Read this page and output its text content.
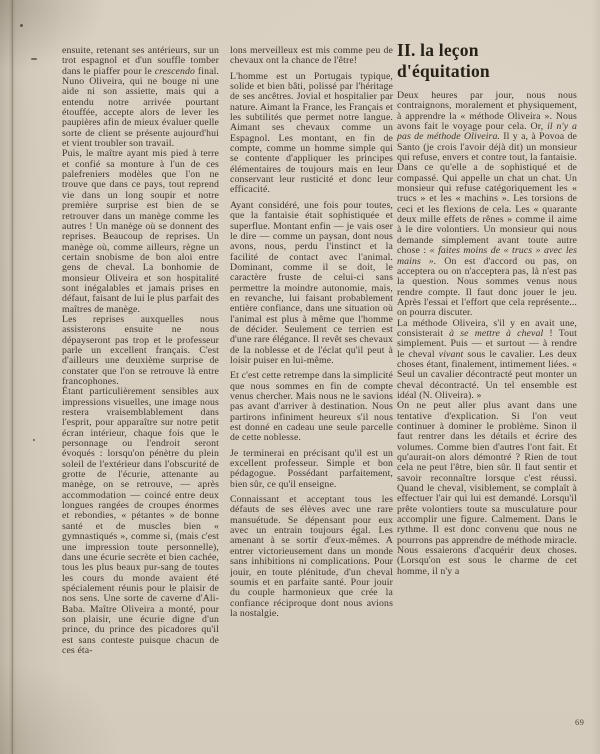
ensuite, retenant ses antérieurs, sur un trot espagnol et d'un souffle tomber dans le piaffer pour le crescendo final. Nuno Oliveira, qui ne bouge ni une aide ni son assiette, mais qui a entendu notre arrivée pourtant étouffée, accepte alors de lever les paupières afin de mieux évaluer quelle sorte de client se présente aujourd'hui et vient troubler son travail.

Puis, le maître ayant mis pied à terre et confié sa monture à l'un de ces palefreniers modèles que l'on ne trouve que dans ce pays, tout reprend vie dans un long soupir et notre première surprise est bien de se retrouver dans un manège comme les autres ! Un manège où se donnent des reprises. Beaucoup de reprises. Un manège où, comme ailleurs, règne un certain snobisme de bon aloi entre gens de cheval. La bonhomie de monsieur Oliveira et son hospitalité sont inégalables et jamais prises en défaut, faisant de lui le plus parfait des maîtres de manège.

Les reprises auxquelles nous assisterons ensuite ne nous dépayseront pas trop et le professeur parle un excellent français. C'est d'ailleurs une deuxième surprise de constater que l'on se retrouve là entre francophones.

Étant particulièrement sensibles aux impressions visuelles, une image nous restera vraisemblablement dans l'esprit, pour apparaître sur notre petit écran intérieur, chaque fois que le personnage ou l'endroit seront évoqués : lorsqu'on pénètre du plein soleil de l'extérieur dans l'obscurité de grotte de l'écurie, attenante au manège, on se retrouve, — après accommodation — coincé entre deux longues rangées de croupes énormes et rebondies, « pétantes » de bonne santé et de muscles bien « gymnastiqués », comme si, (mais c'est une impression toute personnelle), dans une écurie secrète et bien cachée, tous les plus beaux pur-sang de toutes les cours du monde avaient été spécialement réunis pour le plaisir de nos sens. Une sorte de caverne d'Ali-Baba. Maître Oliveira a monté, pour son plaisir, une écurie digne d'un prince, du prince des picadores qu'il est sans conteste puisque chacun de ces éta-

lons merveilleux est mis comme peu de chevaux ont la chance de l'être!

L'homme est un Portugais typique, solide et bien bâti, polissé par l'héritage de ses ancêtres. Jovial et hospitalier par nature. Aimant la France, les Français et les subtilités que permet notre langue. Aimant ses chevaux comme un Espagnol. Les montant, en fin de compte, comme un homme simple qui se contente d'appliquer les principes élémentaires de toujours mais en leur conservant leur rusticité et donc leur efficacité.

Ayant considéré, une fois pour toutes, que la fantaisie était sophistiquée et superflue. Montant enfin — je vais oser le dire — comme un paysan, dont nous avons, nous, perdu l'instinct et la facilité de contact avec l'animal. Dominant, comme il se doit, le caractère fruste de celui-ci sans permettre la moindre autonomie, mais, en revanche, lui faisant probablement entière confiance, dans une situation où l'animal est plus à même que l'homme de décider. Seulement ce terrien est d'une rare élégance. Il revêt ses chevaux de la noblesse et de l'éclat qu'il peut à loisir puiser en lui-même.

Et c'est cette retrempe dans la simplicité que nous sommes en fin de compte venus chercher. Mais nous ne le savions pas avant d'arriver à destination. Nous partirons infiniment heureux s'il nous est donné en cadeau une seule parcelle de cette noblesse.

Je terminerai en précisant qu'il est un excellent professeur. Simple et bon pédagogue. Possédant parfaitement, bien sûr, ce qu'il enseigne.

Connaissant et acceptant tous les défauts de ses élèves avec une rare mansuétude. Se dépensant pour eux avec un entrain toujours égal. Les amenant à se sortir d'eux-mêmes. A entrer victorieusement dans un monde sans inhibitions ni complications. Pour jouir, en toute plénitude, d'un cheval soumis et en parfaite santé. Pour jouir du couple harmonieux que crée la confiance réciproque dont nous avions la nostalgie.

II. la leçon
d'équitation

Deux heures par jour, nous nous contraignons, moralement et physiquement, à apprendre la « méthode Oliveira ». Nous avons fait le voyage pour cela. Or, il n'y a pas de méthode Oliveira. Il y a, à Povoa de Santo (je crois l'avoir déjà dit) un monsieur qui refuse, envers et contre tout, la fantaisie. Dans ce qu'elle a de sophistiqué et de compassé. Qui appelle un chat un chat. Un monsieur qui refuse catégoriquement les « trucs » et les « machins ». Les torsions de ceci et les flexions de cela. Les « quarante deux mille effets de rênes » comme il aime à le dire volontiers. Un monsieur qui nous demande simplement avant toute autre chose : « faites moins de « trucs » avec les mains ». On est d'accord ou pas, on acceptera ou on n'acceptera pas, là n'est pas la question. Nous sommes venus nous rendre compte. Il faut donc jouer le jeu. Après l'essai et l'effort que cela représente... on pourra discuter.

La méthode Oliveira, s'il y en avait une, consisterait à se mettre à cheval ! Tout simplement. Puis — et surtout — à rendre le cheval vivant sous le cavalier. Les deux choses étant, finalement, intimement liées. « Seul un cavalier décontracté peut monter un cheval décontracté. Un tel ensemble est idéal (N. Oliveira). »

On ne peut aller plus avant dans une tentative d'explication. Si l'on veut continuer à dominer le problème. Sinon il faut rentrer dans les détails et écrire des volumes. Comme bien d'autres l'ont fait. Et qu'aurait-on alors démontré ? Rien de tout cela ne peut l'être, bien sûr. Il faut sentir et savoir reconnaître lorsque c'est réussi. Quand le cheval, visiblement, se complaît à effectuer l'air qui lui est demandé. Lorsqu'il prête volontiers toute sa musculature pour accomplir une figure. Calmement. Dans le rythme. Il est donc convenu que nous ne pourrons pas apprendre de méthode miracle. Nous essaierons d'acquérir deux choses. (Lorsqu'on est sous le charme de cet homme, il n'y a

69
